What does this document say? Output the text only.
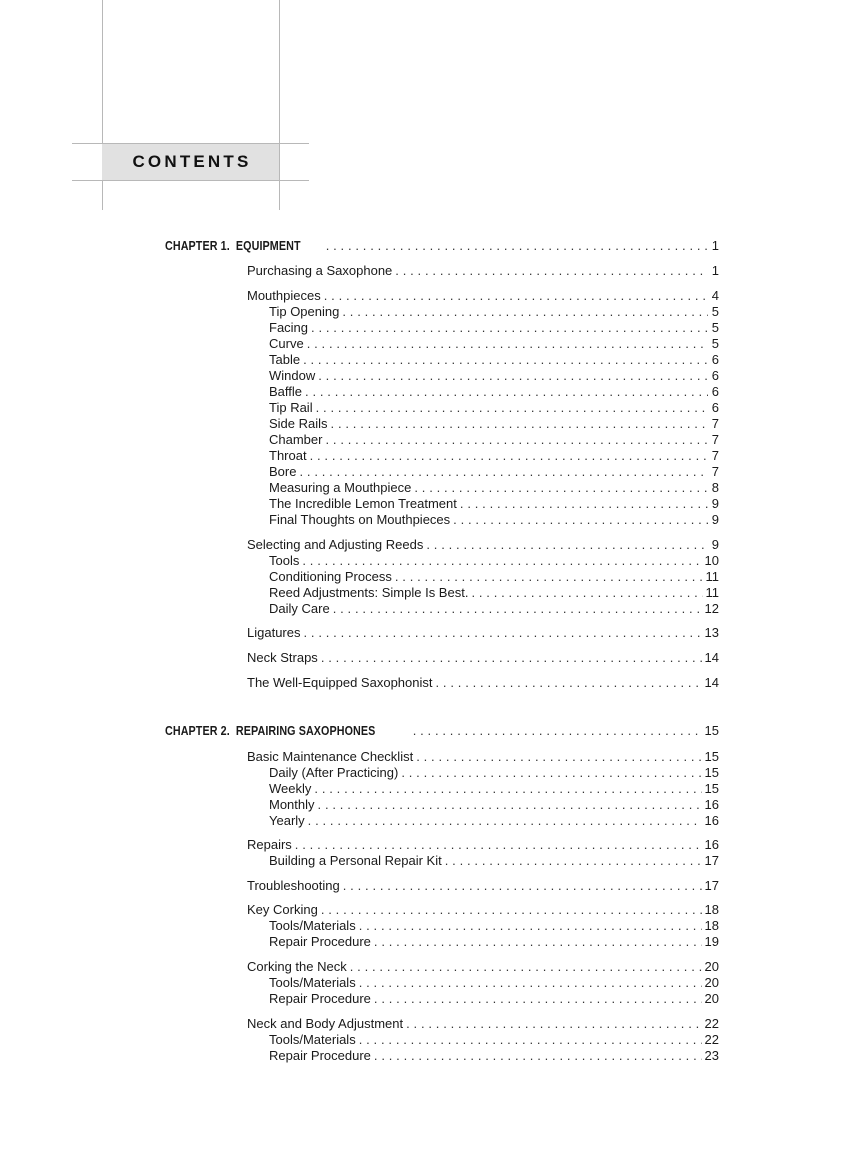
CONTENTS
CHAPTER 1.  EQUIPMENT . . .	1
Purchasing a Saxophone . . .	1
Mouthpieces . . .	4
Tip Opening . . .	5
Facing . . .	5
Curve . . .	5
Table . . .	6
Window . . .	6
Baffle . . .	6
Tip Rail . . .	6
Side Rails . . .	7
Chamber . . .	7
Throat . . .	7
Bore . . .	7
Measuring a Mouthpiece . . .	8
The Incredible Lemon Treatment . . .	9
Final Thoughts on Mouthpieces . . .	9
Selecting and Adjusting Reeds . . .	9
Tools . . .	10
Conditioning Process . . .	11
Reed Adjustments: Simple Is Best. . . .	11
Daily Care . . .	12
Ligatures . . .	13
Neck Straps . . .	14
The Well-Equipped Saxophonist . . .	14
CHAPTER 2.  REPAIRING SAXOPHONES . . .	15
Basic Maintenance Checklist . . .	15
Daily (After Practicing) . . .	15
Weekly . . .	15
Monthly . . .	16
Yearly . . .	16
Repairs . . .	16
Building a Personal Repair Kit . . .	17
Troubleshooting . . .	17
Key Corking . . .	18
Tools/Materials . . .	18
Repair Procedure . . .	19
Corking the Neck . . .	20
Tools/Materials . . .	20
Repair Procedure . . .	20
Neck and Body Adjustment . . .	22
Tools/Materials . . .	22
Repair Procedure . . .	23
